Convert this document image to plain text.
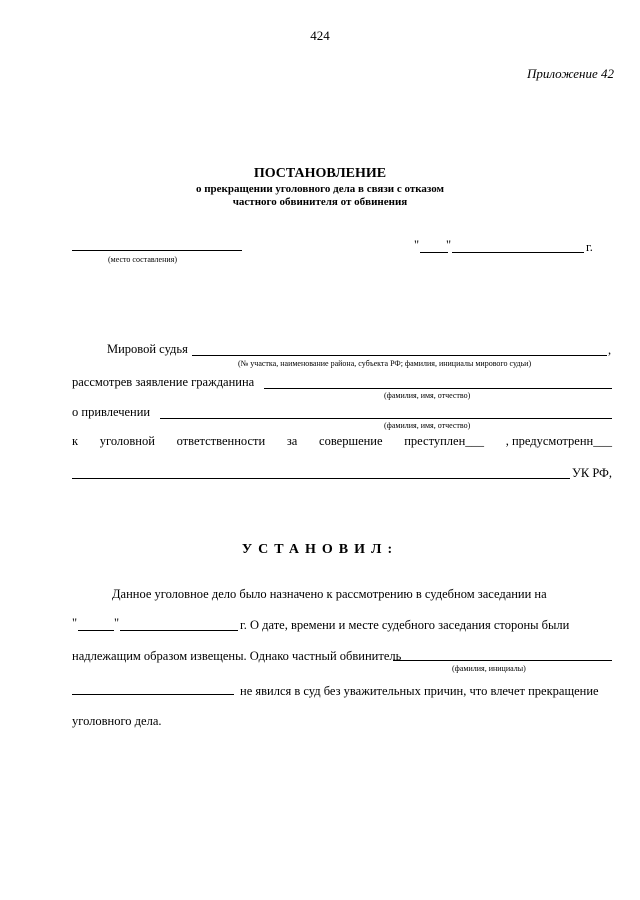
424
Приложение 42
ПОСТАНОВЛЕНИЕ
о прекращении уголовного дела в связи с отказом
частного обвинителя от обвинения
(место составления)
" "	г.
Мировой судья	,
(№ участка, наименование района, субъекта РФ; фамилия, инициалы мирового судьи)
рассмотрев заявление гражданина
(фамилия, имя, отчество)
о привлечении
(фамилия, имя, отчество)
к уголовной ответственности за совершение преступлен___ , предусмотренн___
УК РФ,
УСТАНОВИЛ:
Данное уголовное дело было назначено к рассмотрению в судебном заседании на
"	"	г. О дате, времени и месте судебного заседания стороны были
надлежащим образом извещены. Однако частный обвинитель
(фамилия, инициалы)
не явился в суд без уважительных причин, что влечет прекращение
уголовного дела.
